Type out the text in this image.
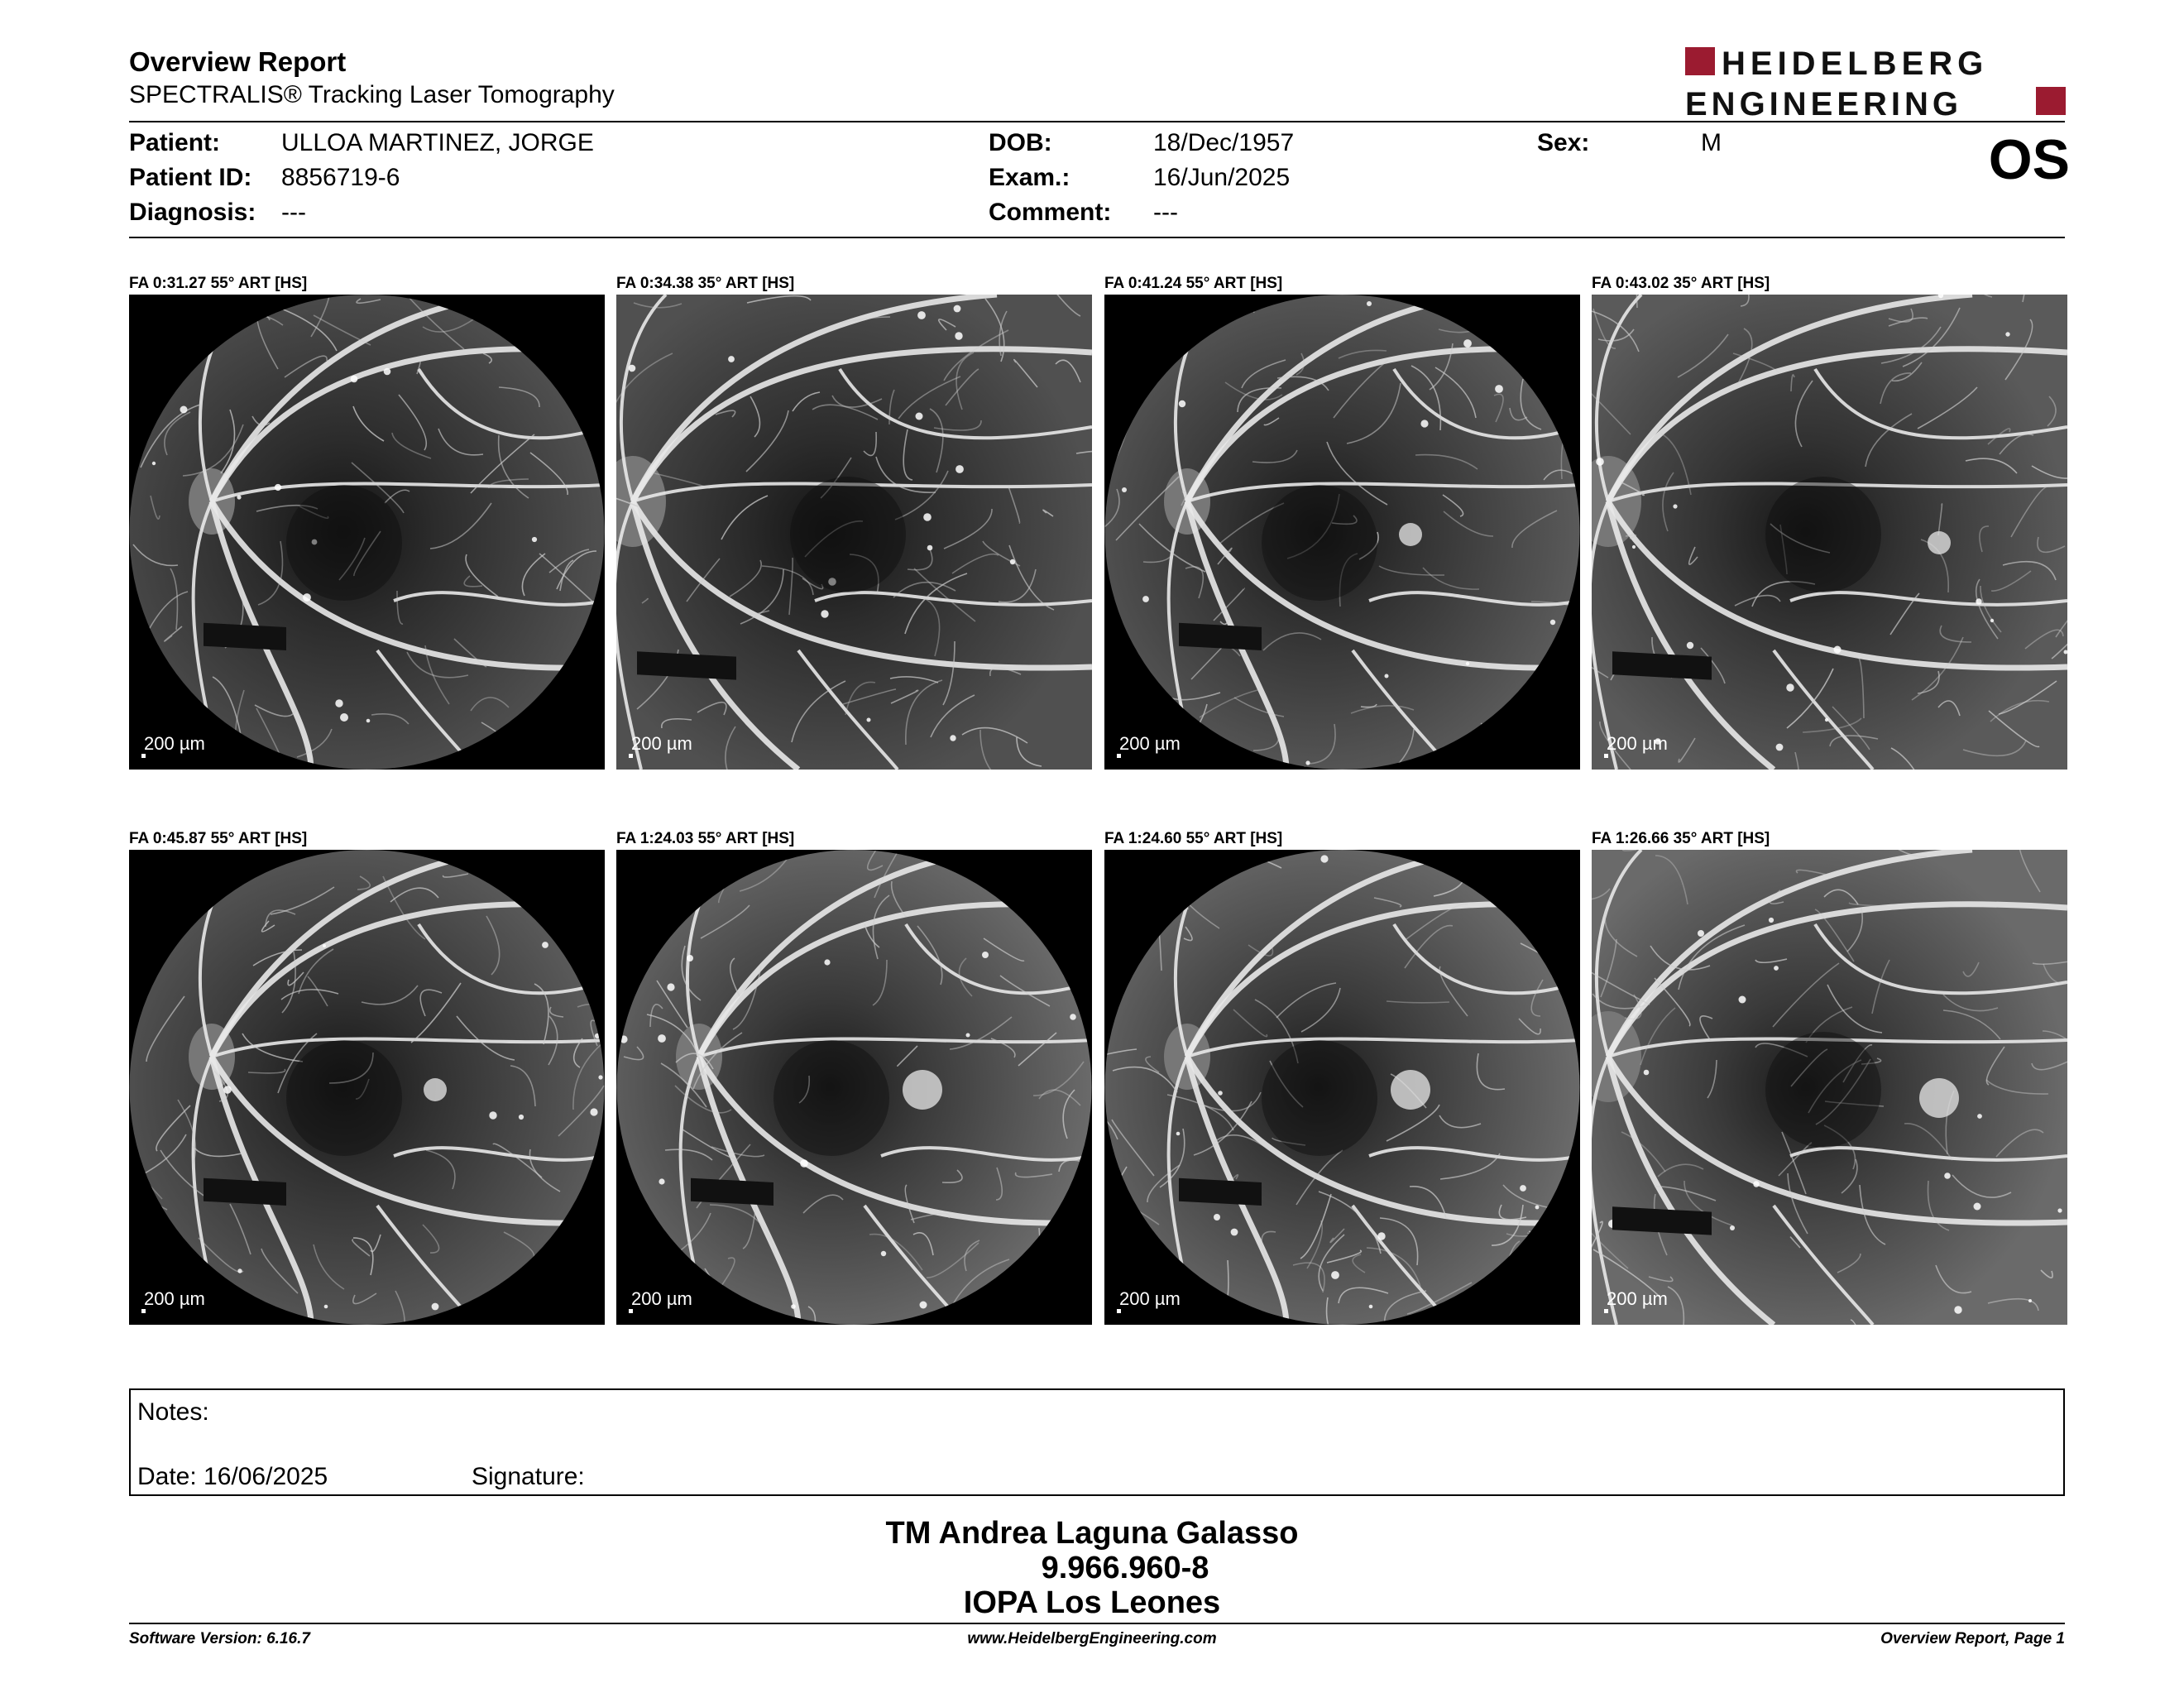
Overview Report
SPECTRALIS® Tracking Laser Tomography
HEIDELBERG
ENGINEERING
Patient: ULLOA MARTINEZ, JORGE
Patient ID: 8856719-6
Diagnosis: ---
DOB:	18/Dec/1957
Exam.:	16/Jun/2025
Comment: ---
Sex:	M	OS
FA 0:31.27 55° ART [HS]
200 µm
FA 0:34.38 35° ART [HS]
200 µm
FA 0:41.24 55° ART [HS]
200 µm
FA 0:43.02 35° ART [HS]
200 µm
FA 0:45.87 55° ART [HS]
200 µm
FA 1:24.03 55° ART [HS]
200 µm
FA 1:24.60 55° ART [HS]
200 µm
FA 1:26.66 35° ART [HS]
200 µm
Notes:
Date: 16/06/2025	Signature:
TM Andrea Laguna Galasso
9.966.960-8
IOPA Los Leones
Software Version: 6.16.7	www.HeidelbergEngineering.com	Overview Report, Page 1
